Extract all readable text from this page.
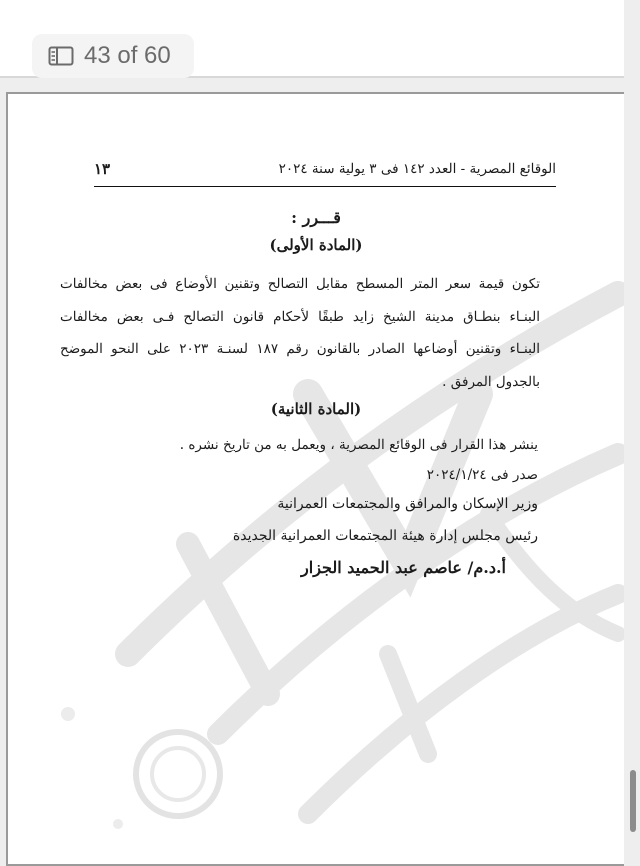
43 of 60
الوقائع المصرية - العدد ١٤٢ فى ٣ يولية سنة ٢٠٢٤
١٣
قـــرر :
(المادة الأولى)
تكون قيمة سعر المتر المسطح مقابل التصالح وتقنين الأوضاع فى بعض مخالفات
البنـاء بنطـاق مدينة الشيخ زايد طبقًا لأحكام قانون التصالح فـى بعض مخالفات
البنـاء وتقنين أوضاعها الصادر بالقانون رقم ١٨٧ لسنـة ٢٠٢٣ على النحو الموضح
بالجدول المرفق .
(المادة الثانية)
ينشر هذا القرار فى الوقائع المصرية ، ويعمل به من تاريخ نشره .
صدر فى ٢٠٢٤/١/٢٤
وزير الإسكان والمرافق والمجتمعات العمرانية
رئيس مجلس إدارة هيئة المجتمعات العمرانية الجديدة
أ.د.م/ عاصم عبد الحميد الجزار
